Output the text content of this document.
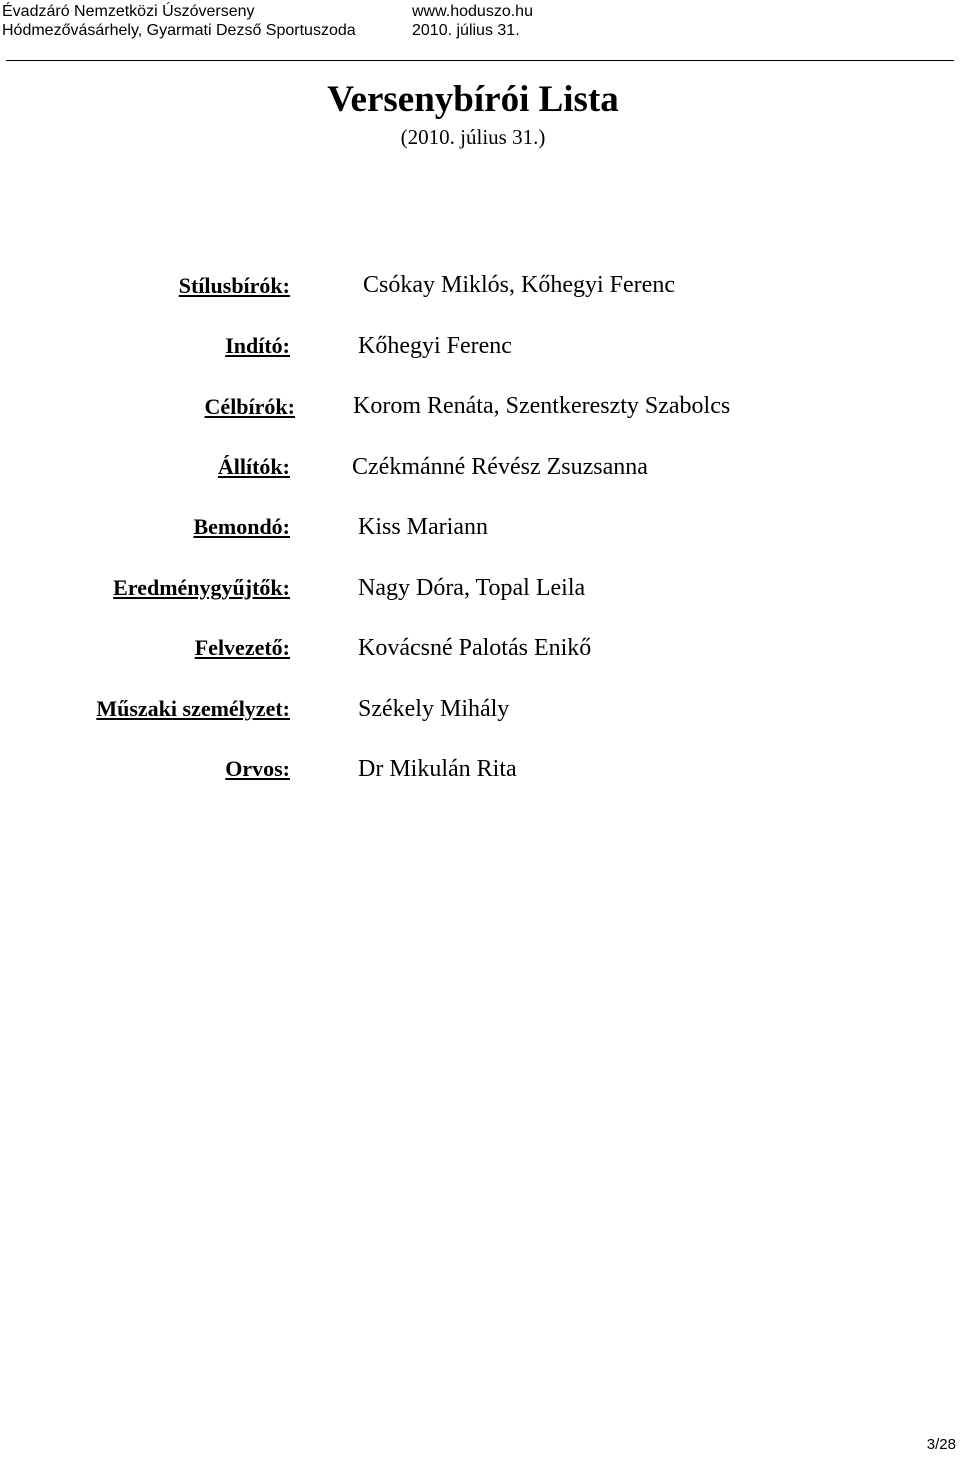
Évadzáró Nemzetközi Úszóverseny	www.hoduszo.hu
Hódmezővásárhely, Gyarmati Dezső Sportuszoda	2010. július 31.
Versenybírói Lista
(2010. július 31.)
Stílusbírók:	Csókay Miklós, Kőhegyi Ferenc
Indító:	Kőhegyi Ferenc
Célbírók: Korom Renáta, Szentkereszty Szabolcs
Állítók:	Czékmánné Révész Zsuzsanna
Bemondó:	Kiss Mariann
Eredménygyűjtők:	Nagy Dóra, Topal Leila
Felvezető:	Kovácsné Palotás Enikő
Műszaki személyzet:	Székely Mihály
Orvos:	Dr Mikulán Rita
3/28
